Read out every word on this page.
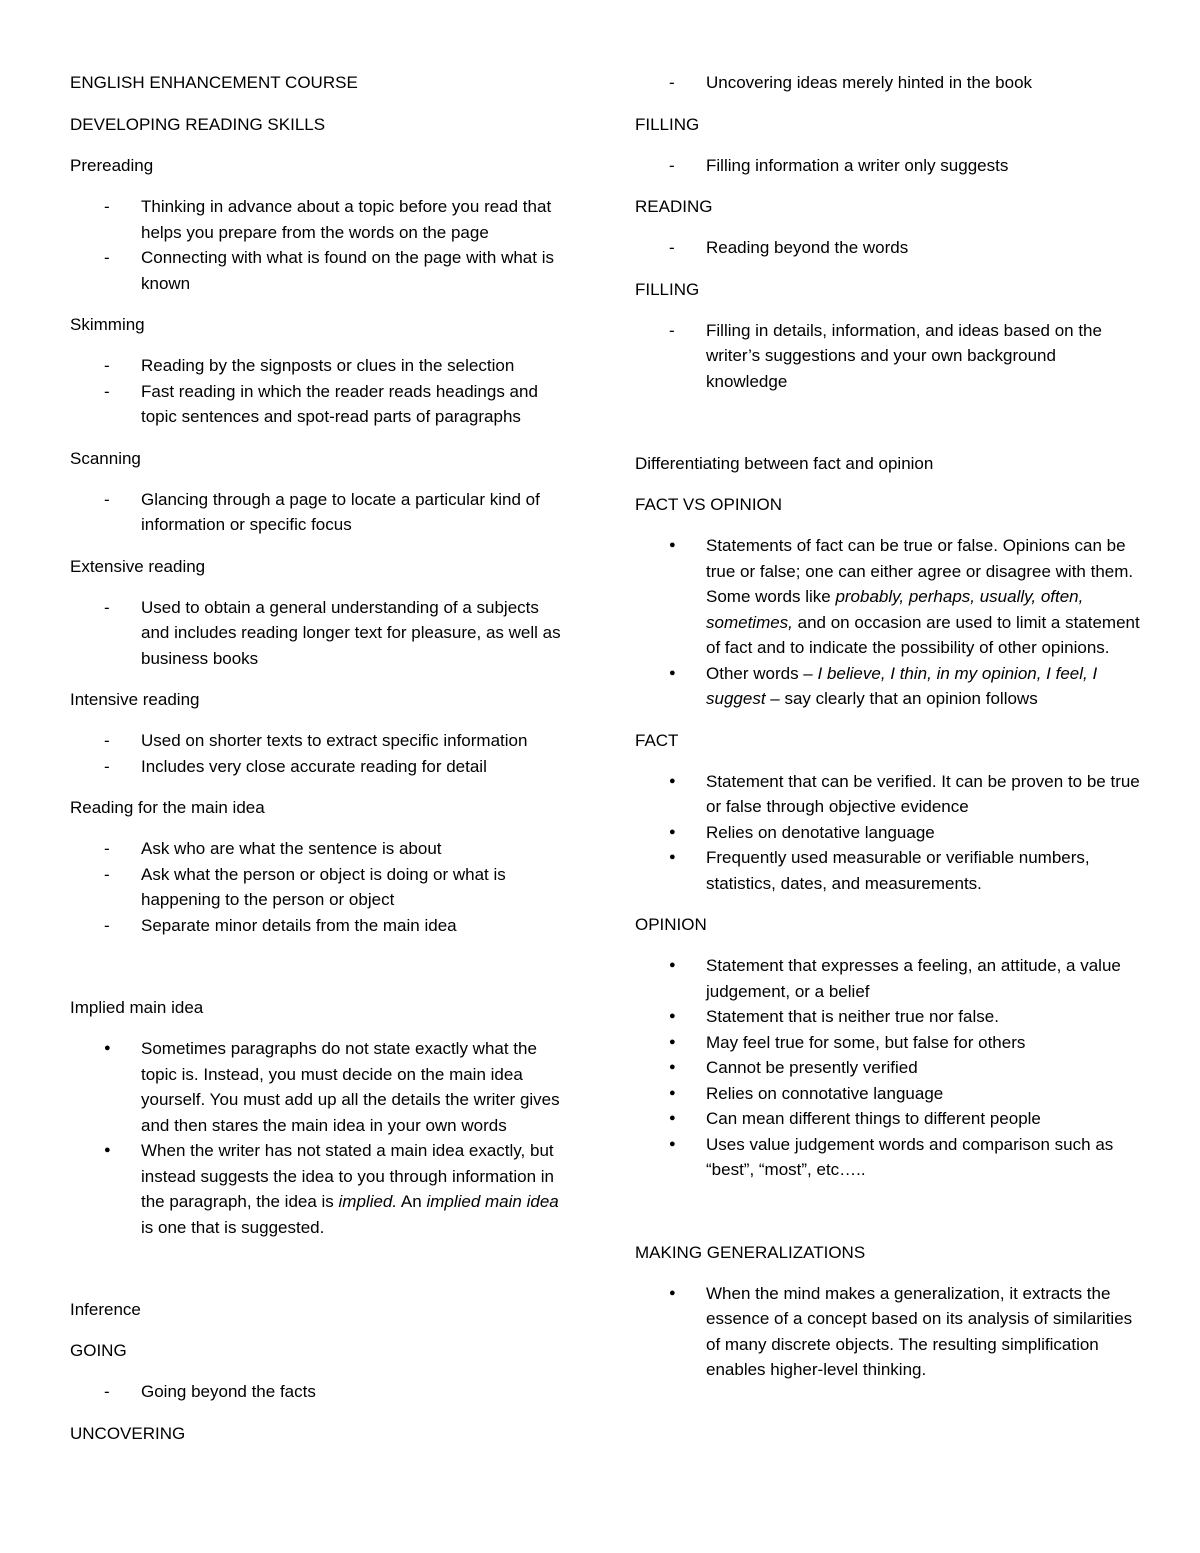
ENGLISH ENHANCEMENT COURSE

DEVELOPING READING SKILLS

Prereading

- Thinking in advance about a topic before you read that helps you prepare from the words on the page
- Connecting with what is found on the page with what is known

Skimming

- Reading by the signposts or clues in the selection
- Fast reading in which the reader reads headings and topic sentences and spot-read parts of paragraphs

Scanning

- Glancing through a page to locate a particular kind of information or specific focus

Extensive reading

- Used to obtain a general understanding of a subjects and includes reading longer text for pleasure, as well as business books

Intensive reading

- Used on shorter texts to extract specific information
- Includes very close accurate reading for detail

Reading for the main idea

- Ask who are what the sentence is about
- Ask what the person or object is doing or what is happening to the person or object
- Separate minor details from the main idea

Implied main idea

● Sometimes paragraphs do not state exactly what the topic is. Instead, you must decide on the main idea yourself. You must add up all the details the writer gives and then stares the main idea in your own words
● When the writer has not stated a main idea exactly, but instead suggests the idea to you through information in the paragraph, the idea is implied. An implied main idea is one that is suggested.

Inference

GOING

- Going beyond the facts

UNCOVERING

- Uncovering ideas merely hinted in the book

FILLING

- Filling information a writer only suggests

READING

- Reading beyond the words

FILLING

- Filling in details, information, and ideas based on the writer’s suggestions and your own background knowledge

Differentiating between fact and opinion

FACT VS OPINION

● Statements of fact can be true or false. Opinions can be true or false; one can either agree or disagree with them. Some words like probably, perhaps, usually, often, sometimes, and on occasion are used to limit a statement of fact and to indicate the possibility of other opinions.
● Other words – I believe, I thin, in my opinion, I feel, I suggest – say clearly that an opinion follows

FACT

● Statement that can be verified. It can be proven to be true or false through objective evidence
● Relies on denotative language
● Frequently used measurable or verifiable numbers, statistics, dates, and measurements.

OPINION

● Statement that expresses a feeling, an attitude, a value judgement, or a belief
● Statement that is neither true nor false.
● May feel true for some, but false for others
● Cannot be presently verified
● Relies on connotative language
● Can mean different things to different people
● Uses value judgement words and comparison such as “best”, “most”, etc…..

MAKING GENERALIZATIONS

● When the mind makes a generalization, it extracts the essence of a concept based on its analysis of similarities of many discrete objects. The resulting simplification enables higher-level thinking.
